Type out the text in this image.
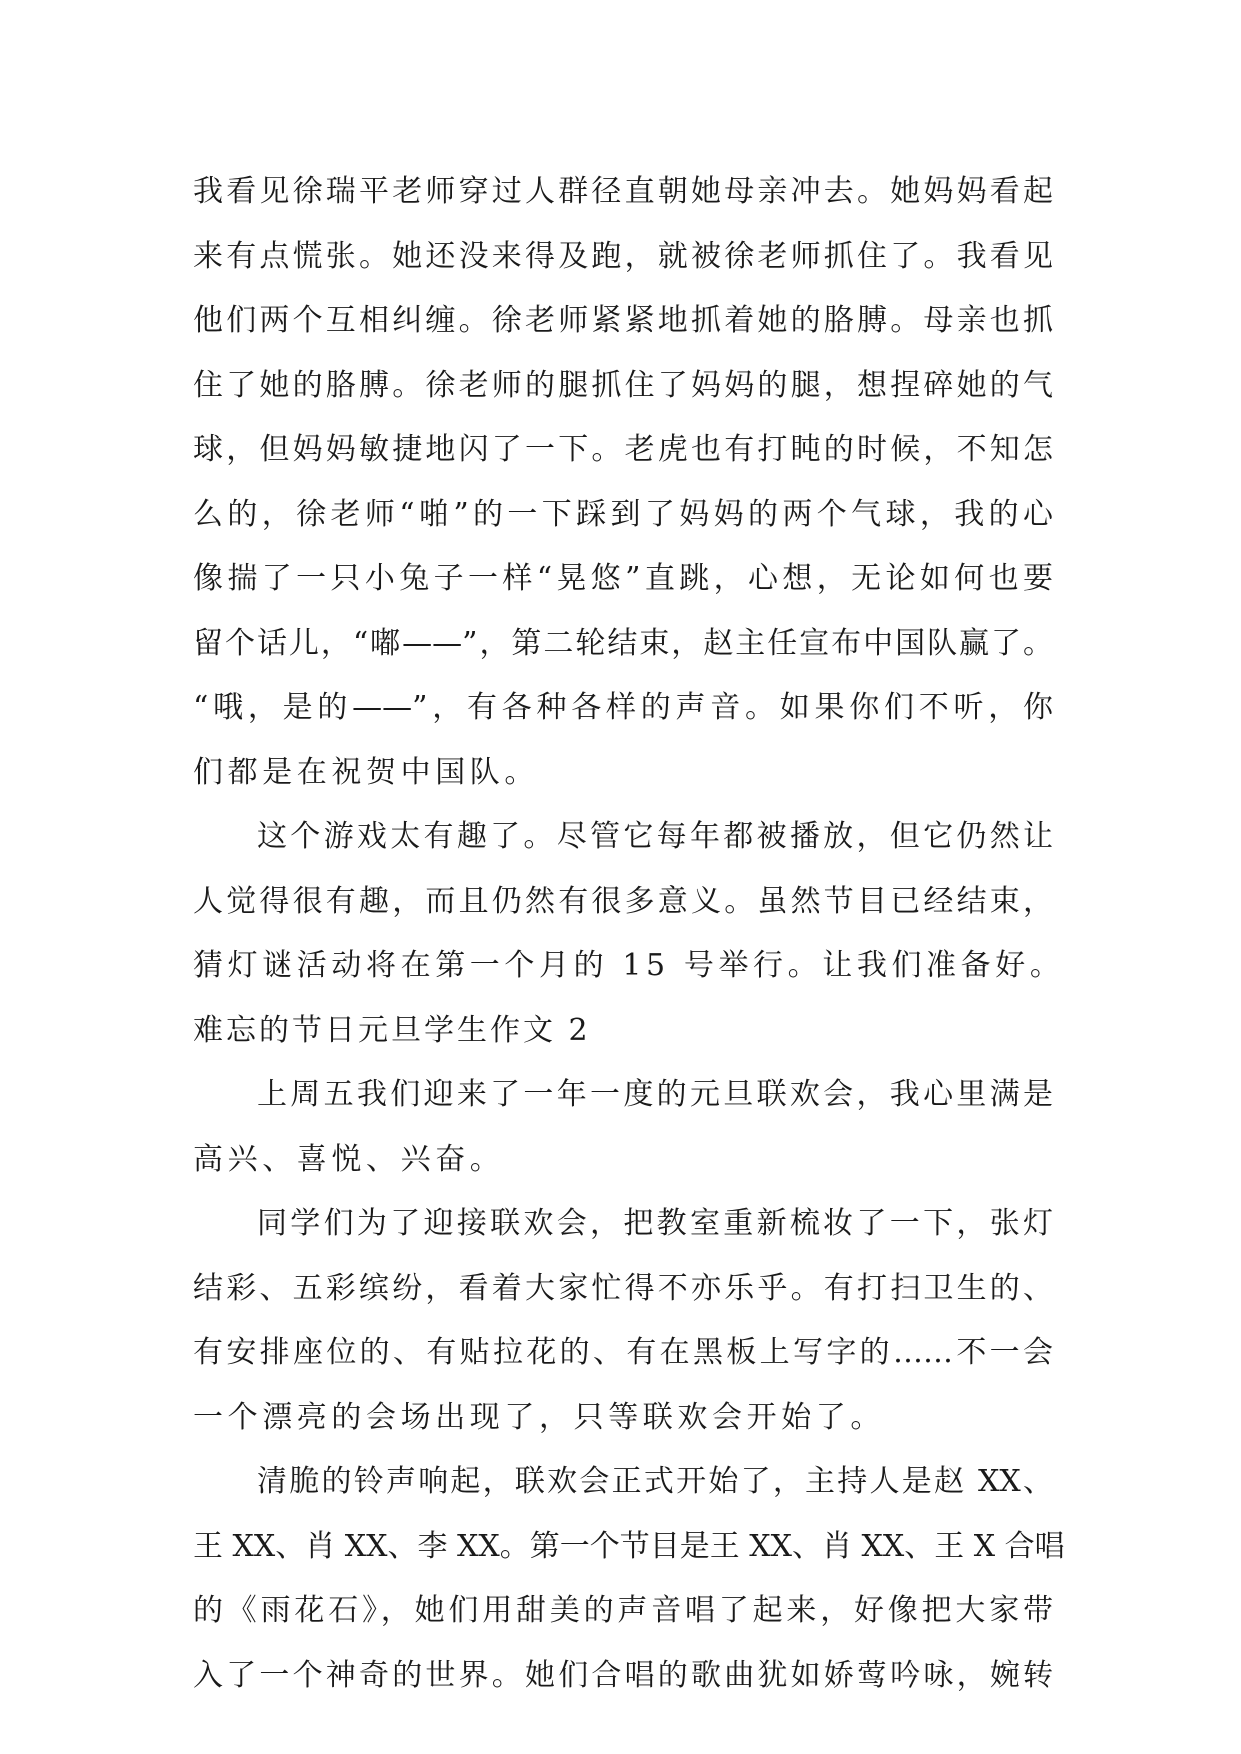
我看见徐瑞平老师穿过人群径直朝她母亲冲去。她妈妈看起
来有点慌张。她还没来得及跑，就被徐老师抓住了。我看见
他们两个互相纠缠。徐老师紧紧地抓着她的胳膊。母亲也抓
住了她的胳膊。徐老师的腿抓住了妈妈的腿，想捏碎她的气
球，但妈妈敏捷地闪了一下。老虎也有打盹的时候，不知怎
么的，徐老师“啪”的一下踩到了妈妈的两个气球，我的心
像揣了一只小兔子一样“晃悠”直跳，心想，无论如何也要
留个话儿，“嘟——”，第二轮结束，赵主任宣布中国队赢了。
“哦，是的——”，有各种各样的声音。如果你们不听，你
们都是在祝贺中国队。
这个游戏太有趣了。尽管它每年都被播放，但它仍然让
人觉得很有趣，而且仍然有很多意义。虽然节目已经结束，
猜灯谜活动将在第一个月的 15 号举行。让我们准备好。
难忘的节日元旦学生作文 2
上周五我们迎来了一年一度的元旦联欢会，我心里满是
高兴、喜悦、兴奋。
同学们为了迎接联欢会，把教室重新梳妆了一下，张灯
结彩、五彩缤纷，看着大家忙得不亦乐乎。有打扫卫生的、
有安排座位的、有贴拉花的、有在黑板上写字的……不一会
一个漂亮的会场出现了，只等联欢会开始了。
清脆的铃声响起，联欢会正式开始了，主持人是赵 XX、
王 XX、肖 XX、李 XX。第一个节目是王 XX、肖 XX、王 X 合唱
的《雨花石》，她们用甜美的声音唱了起来，好像把大家带
入了一个神奇的世界。她们合唱的歌曲犹如娇莺吟咏，婉转
